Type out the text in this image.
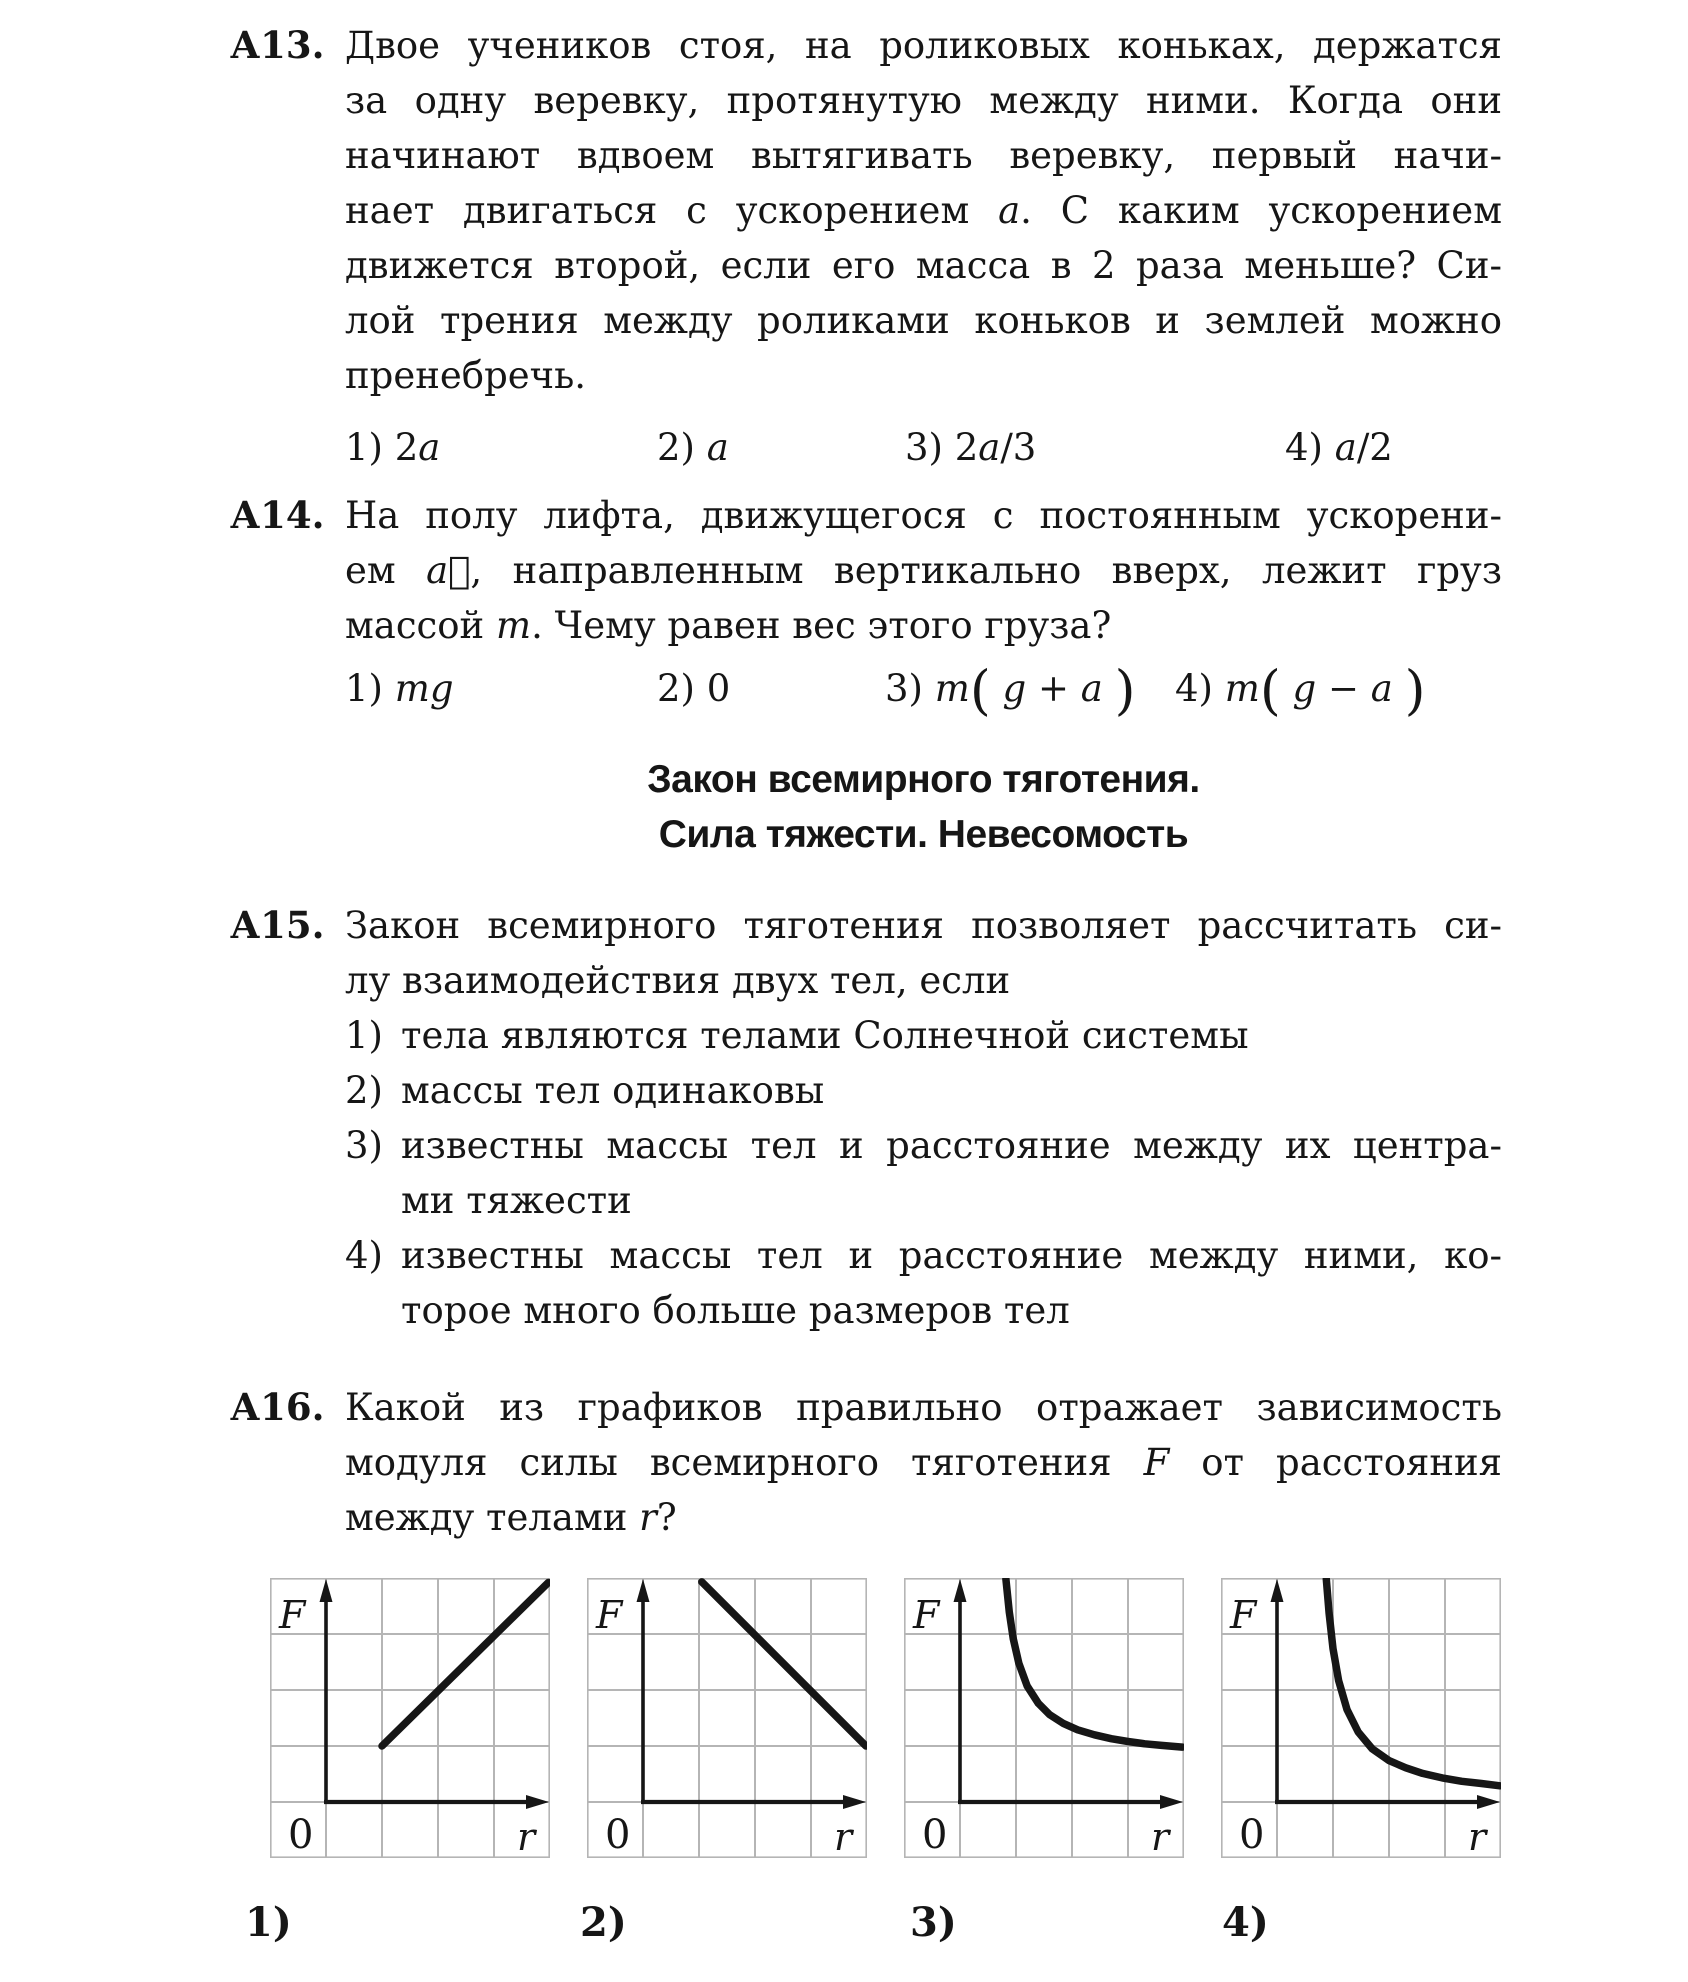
А13. Двое учеников стоя, на роликовых коньках, держатся
за одну веревку, протянутую между ними. Когда они
начинают вдвоем вытягивать веревку, первый начи-
нает двигаться с ускорением a. С каким ускорением
движется второй, если его масса в 2 раза меньше? Си-
лой трения между роликами коньков и землей можно
пренебречь.
1) 2a	2) a	3) 2a/3	4) a/2
А14. На полу лифта, движущегося с постоянным ускорени-
ем a⃗, направленным вертикально вверх, лежит груз
массой m. Чему равен вес этого груза?
1) mg	2) 0	3) m( g + a ) 4) m( g − a )
Закон всемирного тяготения.
Сила тяжести. Невесомость
А15. Закон всемирного тяготения позволяет рассчитать си-
лу взаимодействия двух тел, если
1) тела являются телами Солнечной системы
2) массы тел одинаковы
3) известны массы тел и расстояние между их центра-
ми тяжести
4) известны массы тел и расстояние между ними, ко-
торое много больше размеров тел
А16. Какой из графиков правильно отражает зависимость
модуля силы всемирного тяготения F от расстояния
между телами r?
F
0	r
F
0	r
F
0	r
F
0	r
1)	2)	3)	4)
